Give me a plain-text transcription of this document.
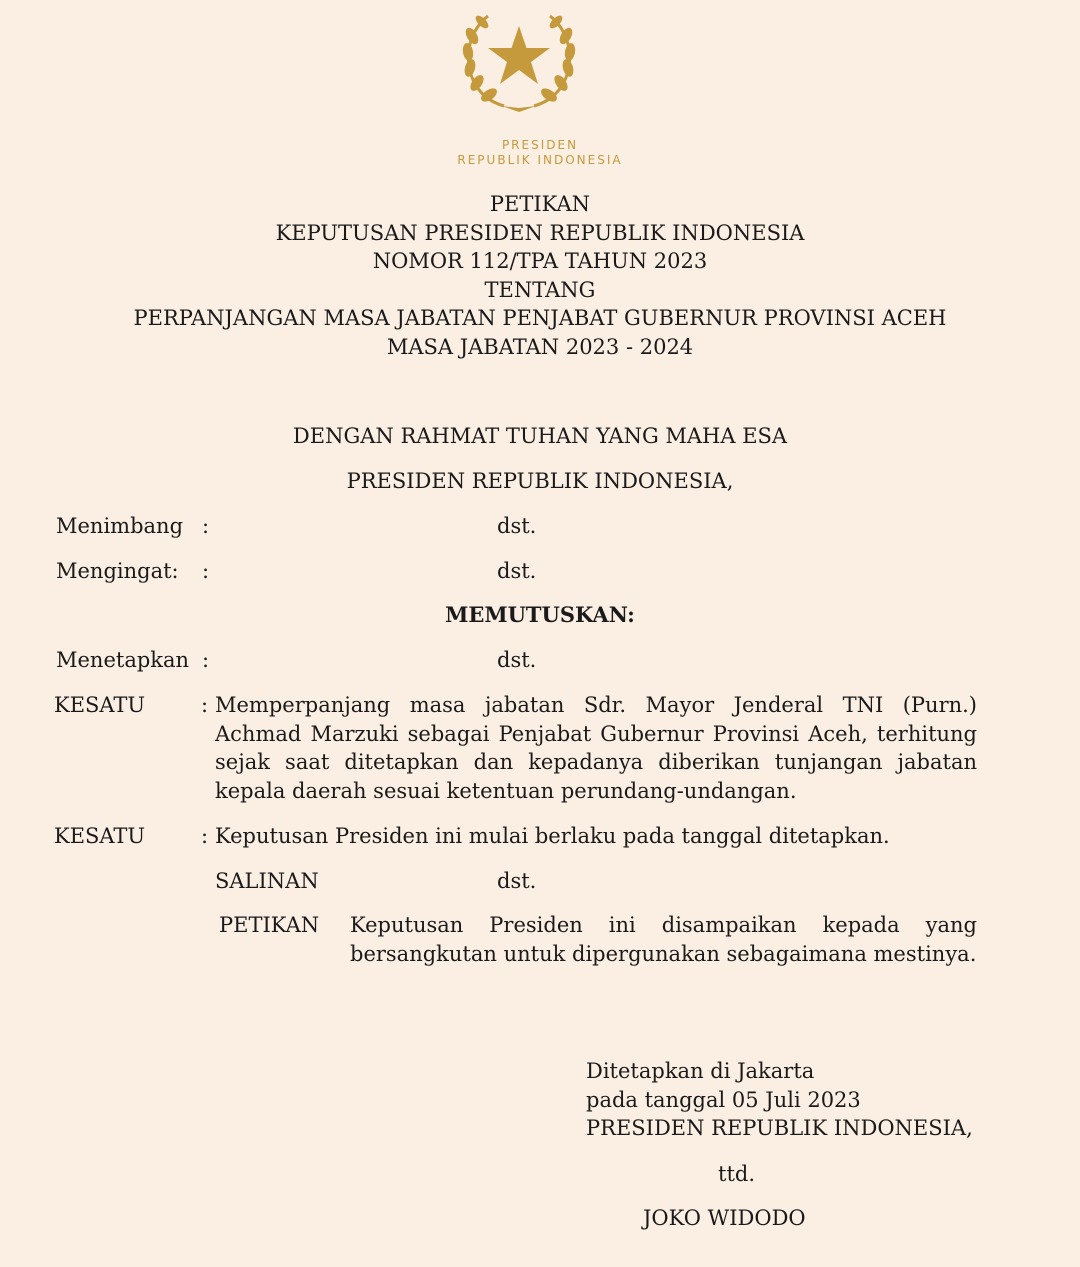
PRESIDEN
REPUBLIK INDONESIA
PETIKAN
KEPUTUSAN PRESIDEN REPUBLIK INDONESIA
NOMOR 112/TPA TAHUN 2023
TENTANG
PERPANJANGAN MASA JABATAN PENJABAT GUBERNUR PROVINSI ACEH
MASA JABATAN 2023 - 2024
DENGAN RAHMAT TUHAN YANG MAHA ESA
PRESIDEN REPUBLIK INDONESIA,
Menimbang :	dst.
Mengingat: :	dst.
MEMUTUSKAN:
Menetapkan :	dst.
KESATU	: Memperpanjang masa jabatan Sdr. Mayor Jenderal TNI (Purn.) Achmad Marzuki sebagai Penjabat Gubernur Provinsi Aceh, terhitung sejak saat ditetapkan dan kepadanya diberikan tunjangan jabatan kepala daerah sesuai ketentuan perundang-undangan.
KESATU	: Keputusan Presiden ini mulai berlaku pada tanggal ditetapkan.
SALINAN	dst.
PETIKAN Keputusan Presiden ini disampaikan kepada yang bersangkutan untuk dipergunakan sebagaimana mestinya.
Ditetapkan di Jakarta
pada tanggal 05 Juli 2023
PRESIDEN REPUBLIK INDONESIA,
ttd.
JOKO WIDODO
